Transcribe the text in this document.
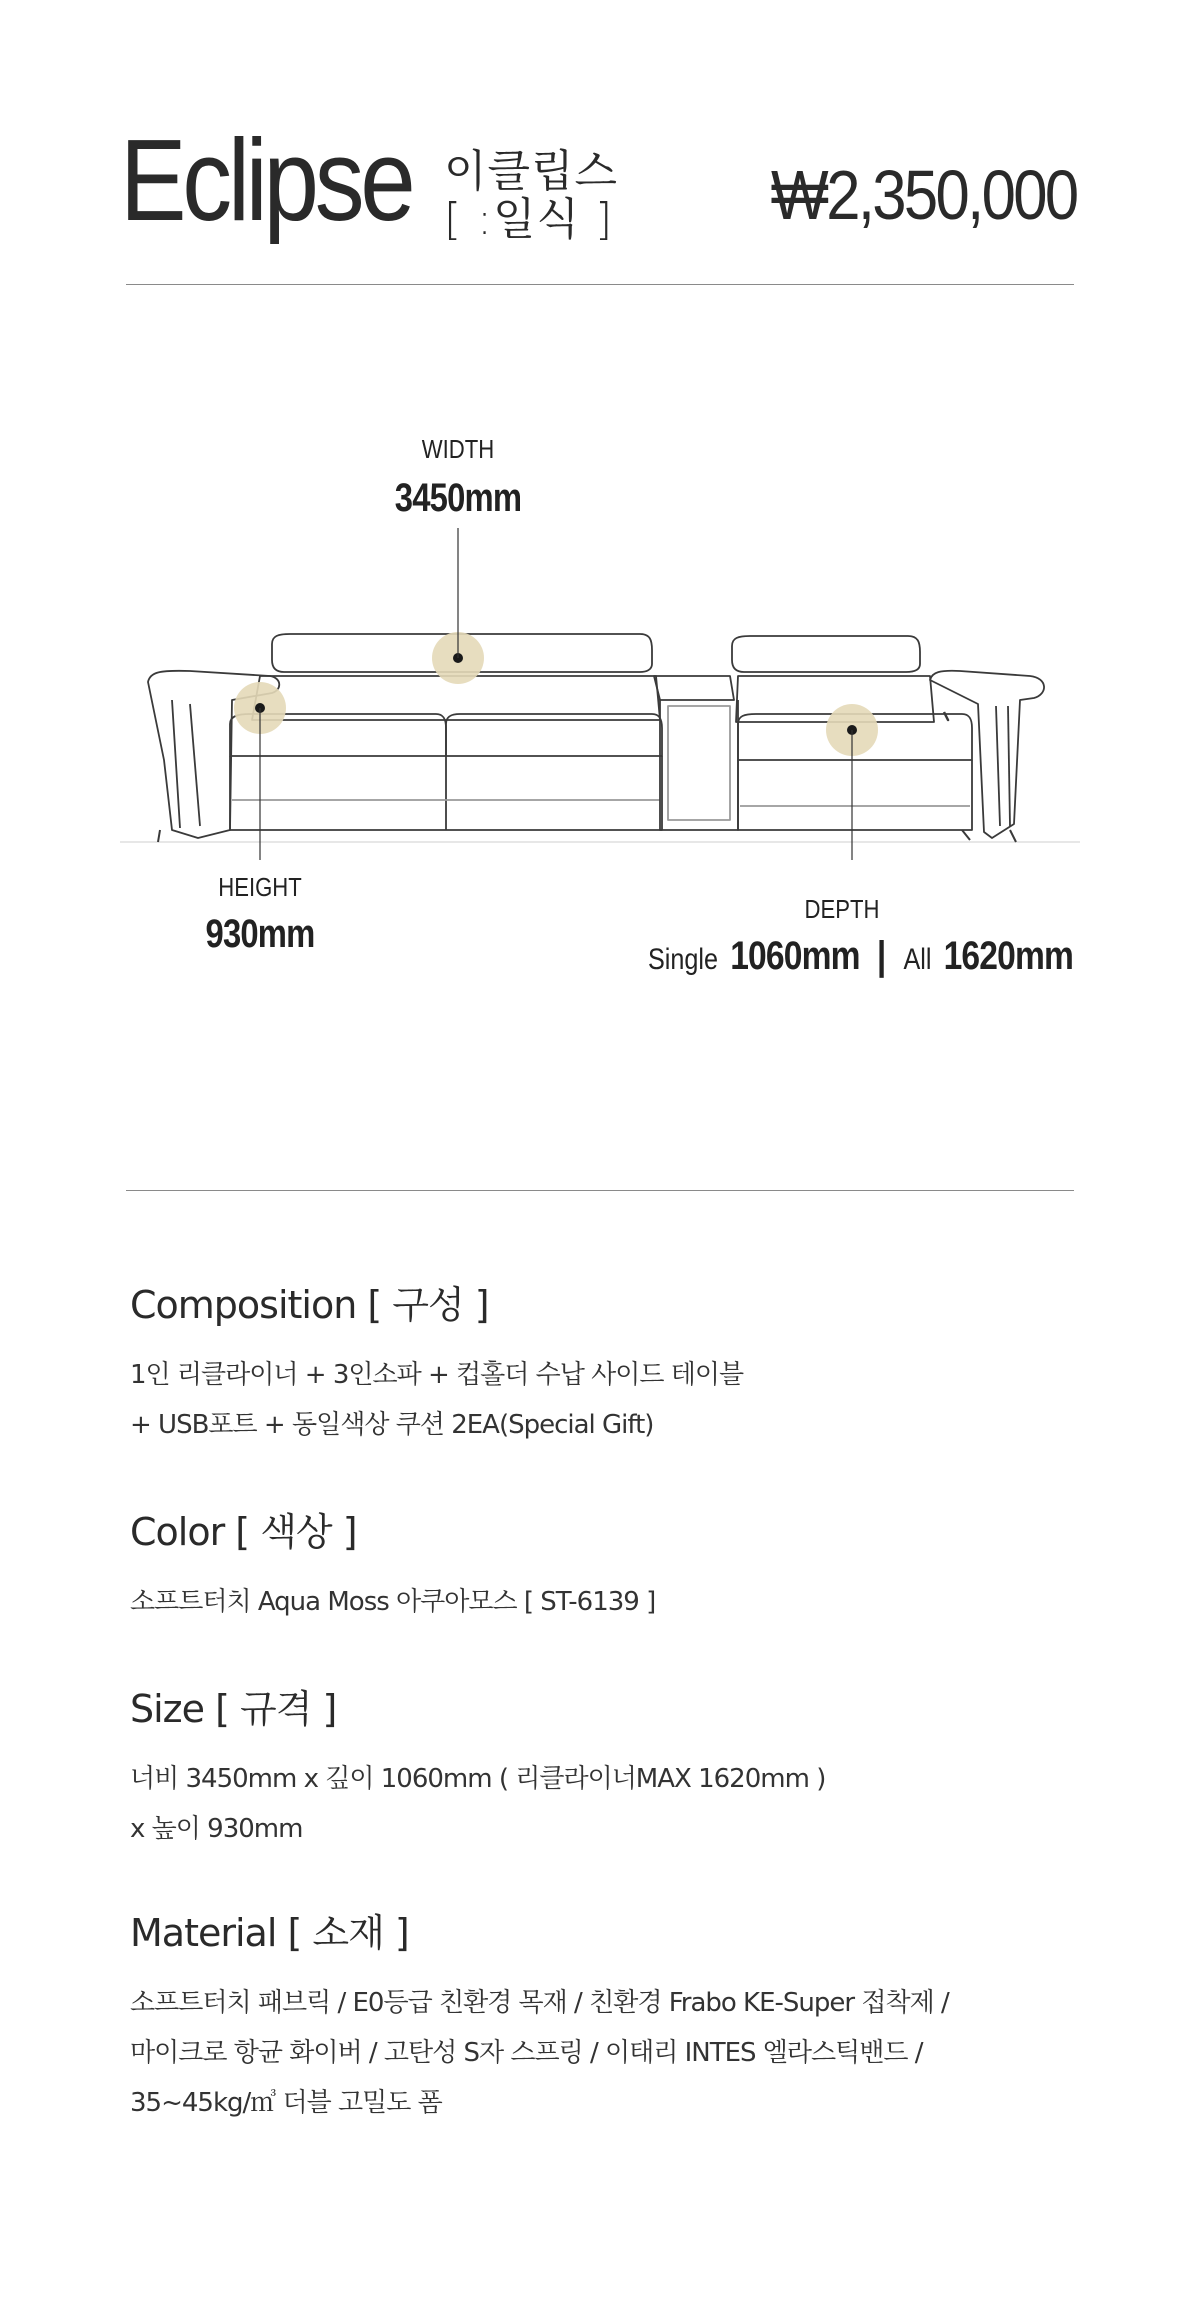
Eclipse 이클립스
[ :일식 ] ₩2,350,000
WIDTH
3450mm
HEIGHT
930mm
DEPTH
Single 1060mm | All 1620mm
Composition [ 구성 ]
1인 리클라이너 + 3인소파 + 컵홀더 수납 사이드 테이블
+ USB포트 + 동일색상 쿠션 2EA(Special Gift)
Color [ 색상 ]
소프트터치 Aqua Moss 아쿠아모스 [ ST-6139 ]
Size [ 규격 ]
너비 3450mm x 깊이 1060mm ( 리클라이너MAX 1620mm )
x 높이 930mm
Material [ 소재 ]
소프트터치 패브릭 / E0등급 친환경 목재 / 친환경 Frabo KE-Super 접착제 /
마이크로 항균 화이버 / 고탄성 S자 스프링 / 이태리 INTES 엘라스틱밴드 /
35~45kg/㎥ 더블 고밀도 폼
